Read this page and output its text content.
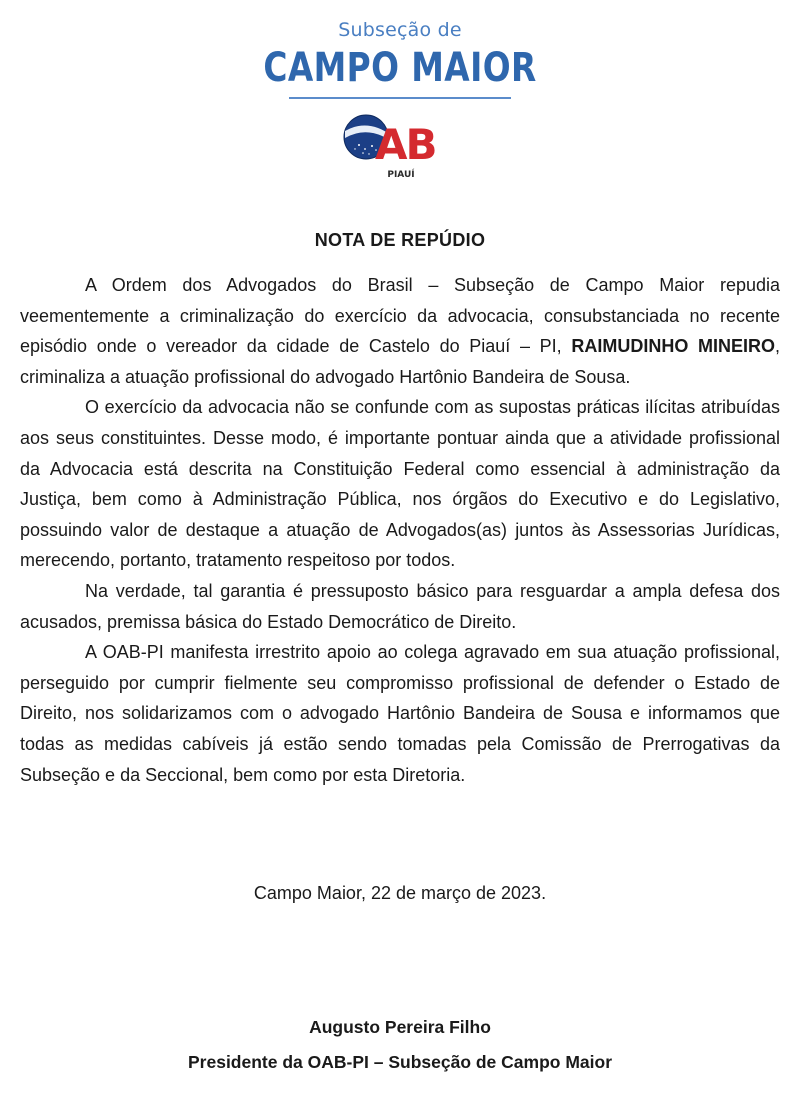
Subseção de
CAMPO MAIOR
AB
PIAUÍ
NOTA DE REPÚDIO

A Ordem dos Advogados do Brasil – Subseção de Campo Maior repudia veementemente a criminalização do exercício da advocacia, consubstanciada no recente episódio onde o vereador da cidade de Castelo do Piauí – PI, RAIMUDINHO MINEIRO, criminaliza a atuação profissional do advogado Hartônio Bandeira de Sousa.

O exercício da advocacia não se confunde com as supostas práticas ilícitas atribuídas aos seus constituintes. Desse modo, é importante pontuar ainda que a atividade profissional da Advocacia está descrita na Constituição Federal como essencial à administração da Justiça, bem como à Administração Pública, nos órgãos do Executivo e do Legislativo, possuindo valor de destaque a atuação de Advogados(as) juntos às Assessorias Jurídicas, merecendo, portanto, tratamento respeitoso por todos.

Na verdade, tal garantia é pressuposto básico para resguardar a ampla defesa dos acusados, premissa básica do Estado Democrático de Direito.

A OAB-PI manifesta irrestrito apoio ao colega agravado em sua atuação profissional, perseguido por cumprir fielmente seu compromisso profissional de defender o Estado de Direito, nos solidarizamos com o advogado Hartônio Bandeira de Sousa e informamos que todas as medidas cabíveis já estão sendo tomadas pela Comissão de Prerrogativas da Subseção e da Seccional, bem como por esta Diretoria.

Campo Maior, 22 de março de 2023.
Augusto Pereira Filho
Presidente da OAB-PI – Subseção de Campo Maior
